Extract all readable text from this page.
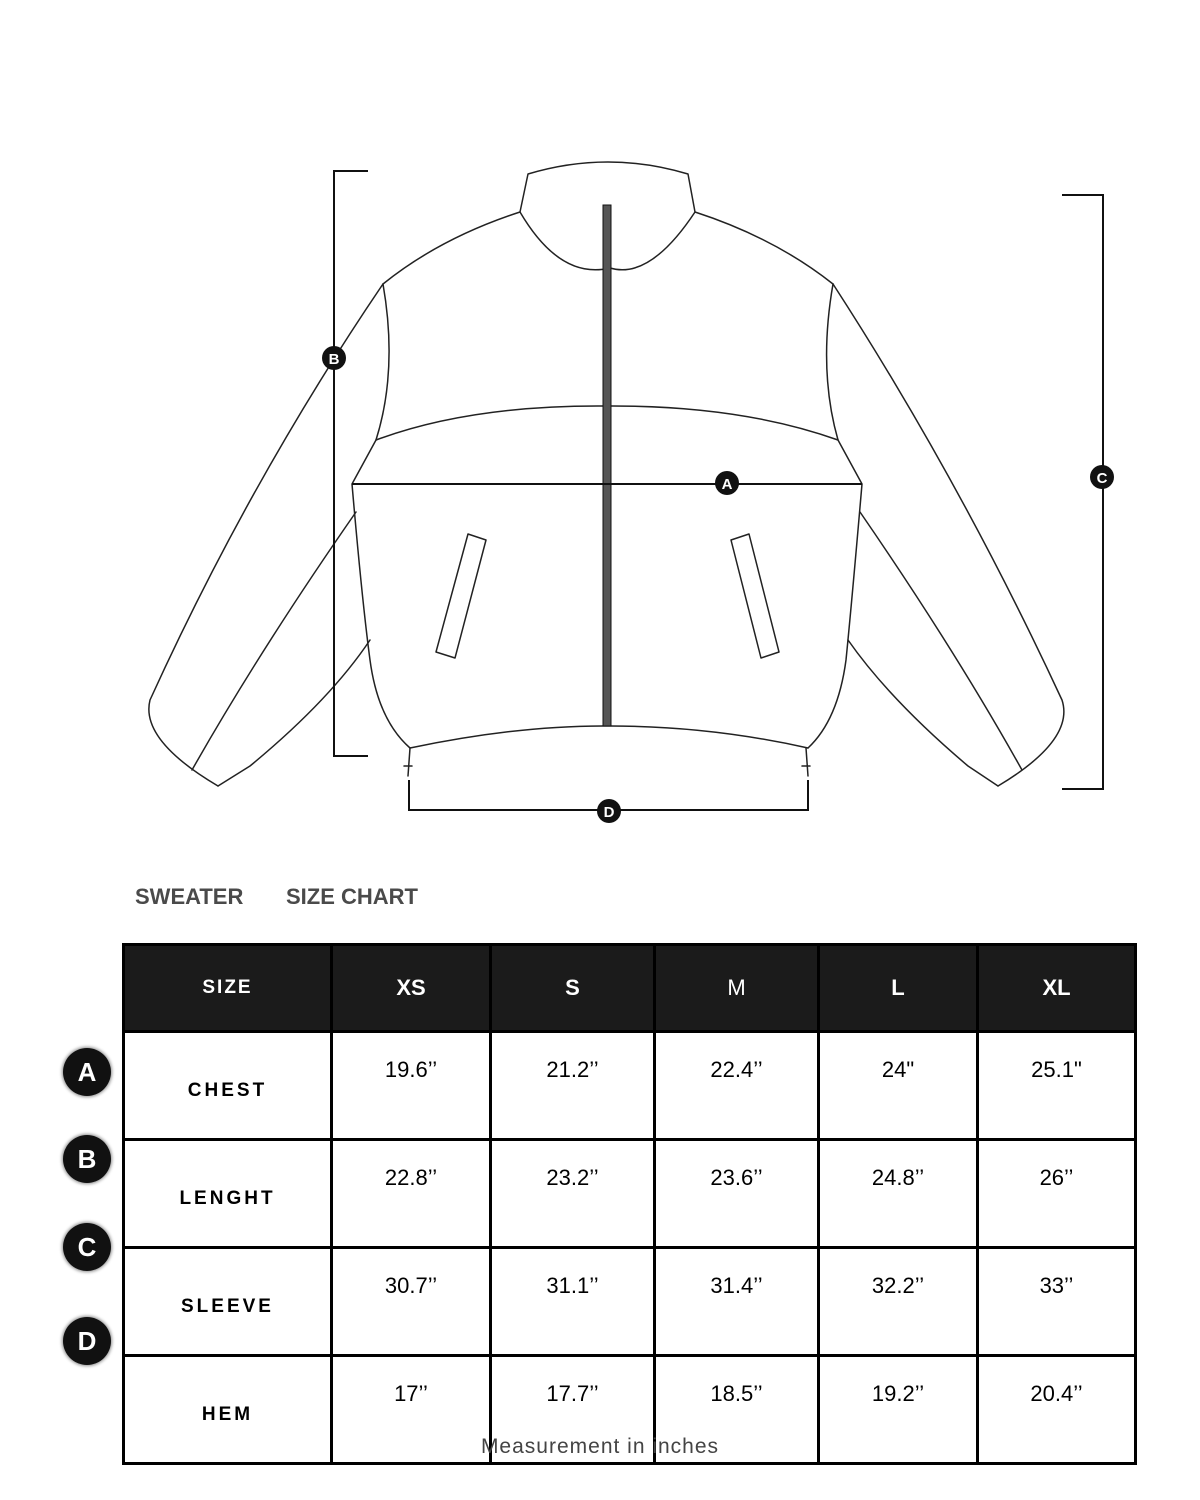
B
A	C
D
SWEATER SIZE CHART
SIZE	XS	S	M	L	XL
CHEST	19.6’’	21.2’’	22.4’’	24"	25.1"
LENGHT	22.8’’	23.2’’	23.6’’	24.8’’	26’’
SLEEVE	30.7’’	31.1’’	31.4’’	32.2’’	33’’
HEM	17’’	17.7’’	18.5’’	19.2’’	20.4’’
A
B
C
D
Measurement in inches
